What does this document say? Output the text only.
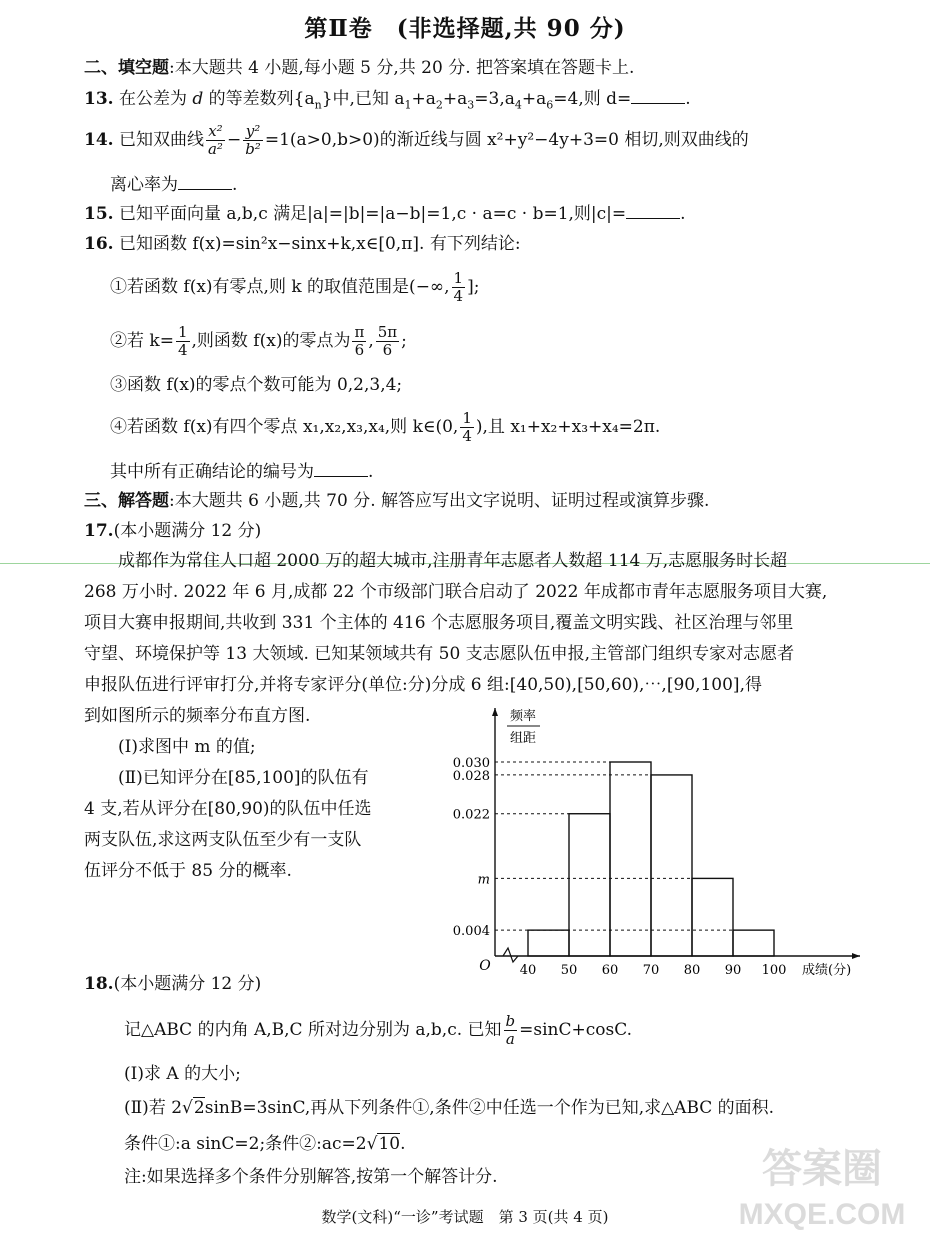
第Ⅱ卷　(非选择题,共 90 分)
二、填空题:本大题共 4 小题,每小题 5 分,共 20 分. 把答案填在答题卡上.
13. 在公差为 d 的等差数列$\{a_n\}$中,已知 $a_1+a_2+a_3=3,a_4+a_6=4$,则 d=	.
14. 已知双曲线 $\frac{\text{x²}}{\text{a²}} - \frac{\text{y²}}{\text{b²}} =1(a>0,b>0)$的渐近线与圆 x²+y²−4y+3=0 相切,则双曲线的
离心率为	.
15. 已知平面向量 a,b,c 满足|a|=|b|=|a−b|=1,c · a=c · b=1,则|c|=	.
16. 已知函数 f(x)=sin²x−sinx+k,x∈[0,π]. 有下列结论:
①若函数 f(x)有零点,则 k 的取值范围是(−∞, $\frac{1}{4}$ ];
②若 $k= \frac{1}{4}$ ,则函数 f(x)的零点为 $\frac{\pi}{6}$ , $\frac{5\pi}{6}$ ;
③函数 f(x)的零点个数可能为 0,2,3,4;
④若函数 f(x)有四个零点 x₁,x₂,x₃,x₄,则 k∈(0, $\frac{1}{4}$ ),且 x₁+x₂+x₃+x₄=2π.
其中所有正确结论的编号为	.
三、解答题:本大题共 6 小题,共 70 分. 解答应写出文字说明、证明过程或演算步骤.
17.(本小题满分 12 分)
成都作为常住人口超 2000 万的超大城市,注册青年志愿者人数超 114 万,志愿服务时长超
268 万小时. 2022 年 6 月,成都 22 个市级部门联合启动了 2022 年成都市青年志愿服务项目大赛,
项目大赛申报期间,共收到 331 个主体的 416 个志愿服务项目,覆盖文明实践、社区治理与邻里
守望、环境保护等 13 大领域. 已知某领域共有 50 支志愿队伍申报,主管部门组织专家对志愿者
申报队伍进行评审打分,并将专家评分(单位:分)分成 6 组:[40,50),[50,60),⋯,[90,100],得
到如图所示的频率分布直方图.
(Ⅰ)求图中 m 的值;
(Ⅱ)已知评分在[85,100]的队伍有
4 支,若从评分在[80,90)的队伍中任选
两支队伍,求这两支队伍至少有一支队
伍评分不低于 85 分的概率.
频率
组距
0.030
0.028
0.022
m
0.004
40 50 60 70 80 90 100
O	成绩(分)
18.(本小题满分 12 分)
记△ABC 的内角 A,B,C 所对边分别为 a,b,c. 已知 $\frac{b}{a} =\sin C+\cos C$.
(Ⅰ)求 A 的大小;
(Ⅱ)若 2√2sinB=3sinC,再从下列条件①,条件②中任选一个作为已知,求△ABC 的面积.
条件①:a sinC=2;条件②:ac=2√10.
注:如果选择多个条件分别解答,按第一个解答计分.
数学(文科)“一诊”考试题　第 3 页(共 4 页)
答案圈
MXQE.COM
